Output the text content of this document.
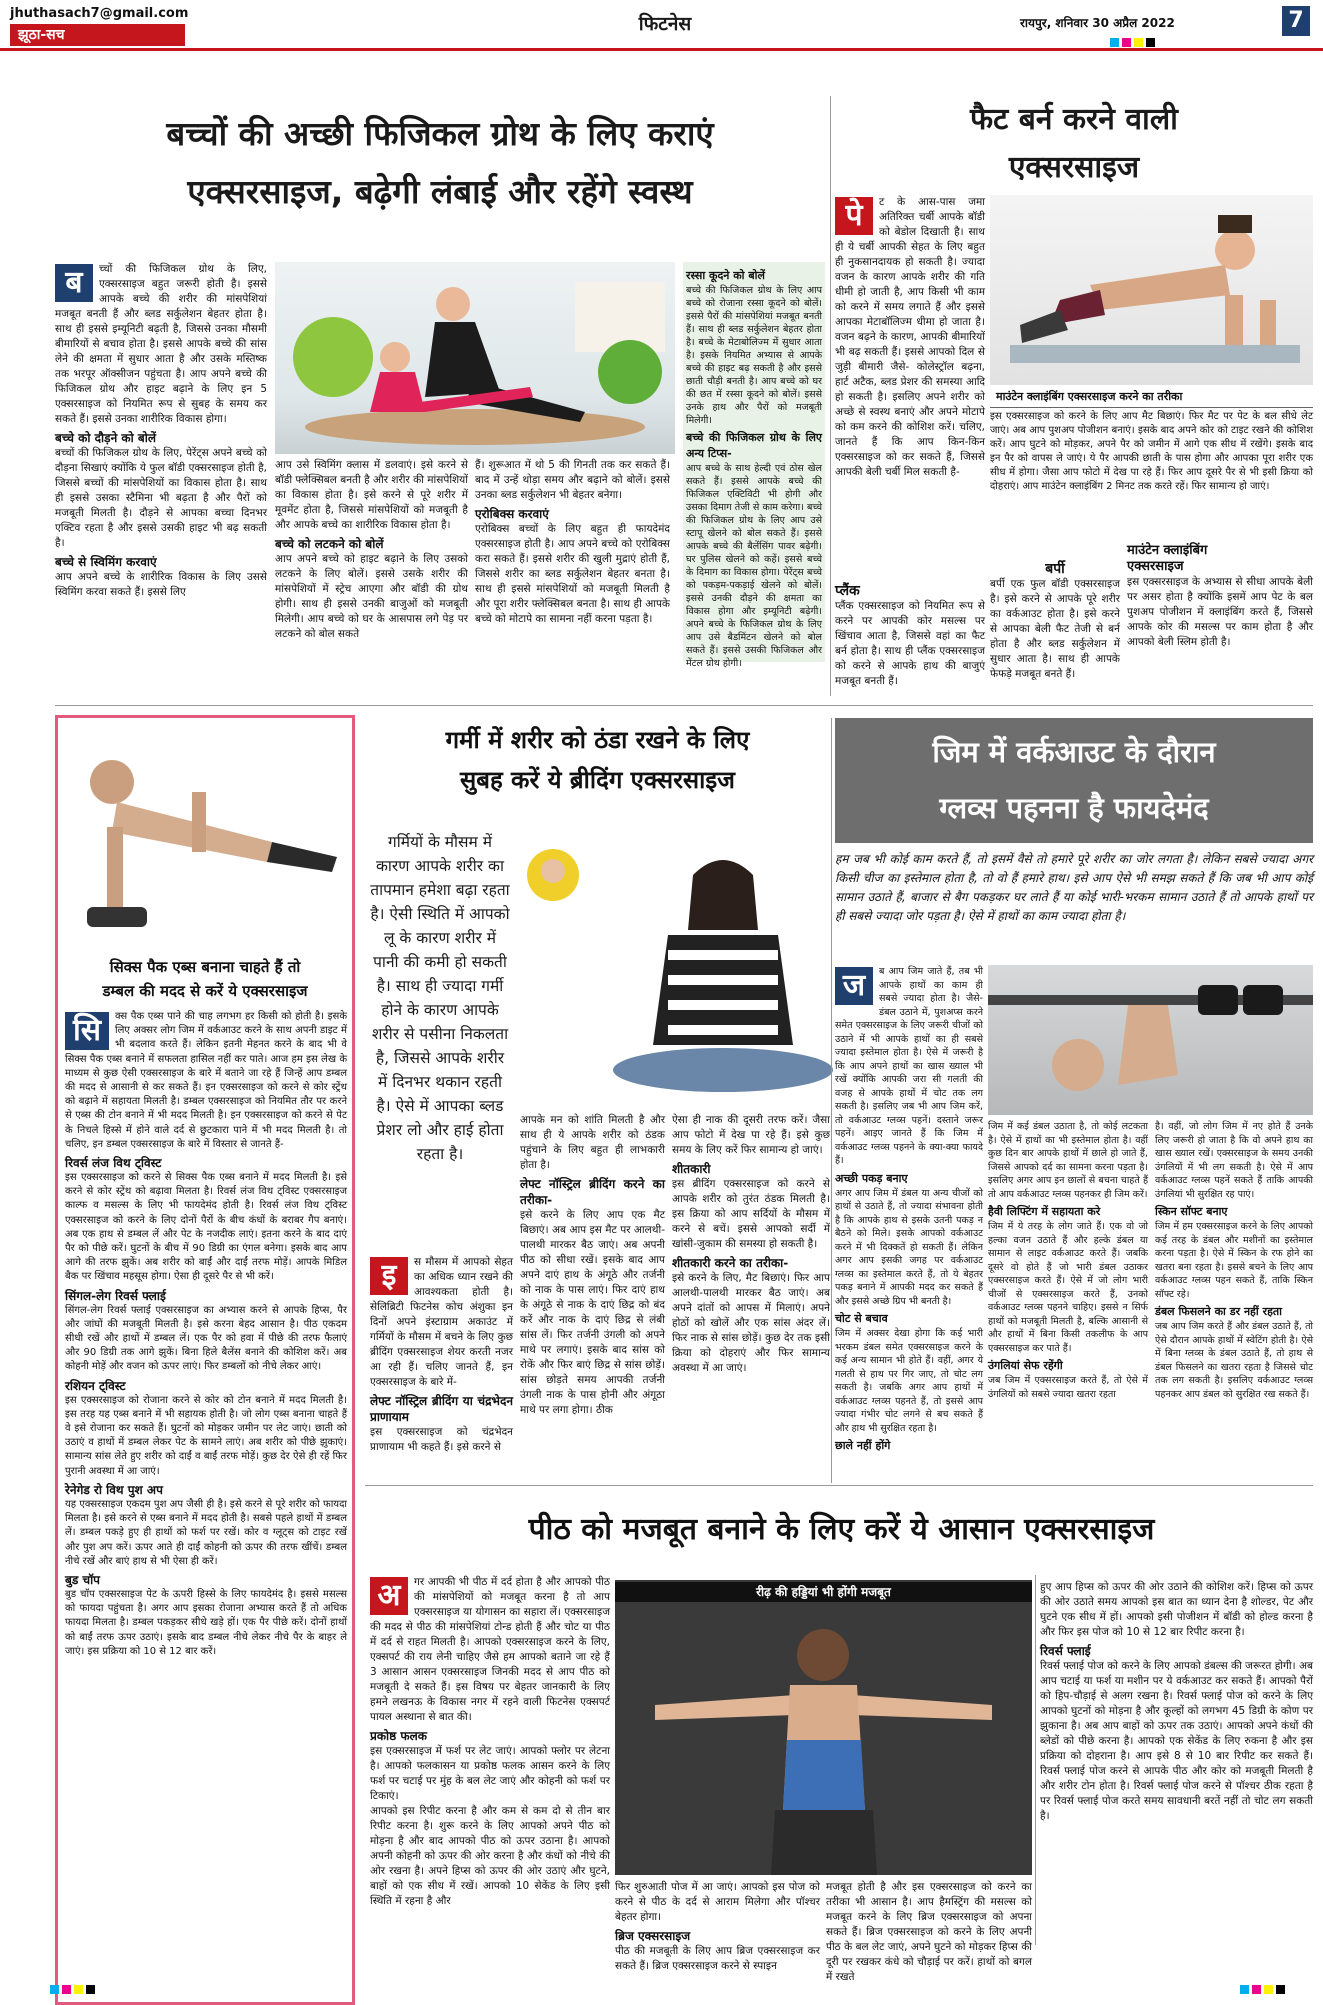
jhuthasach7@gmail.com
झूठा-सच	फिटनेस	रायपुर, शनिवार 30 अप्रैल 2022	7
बच्चों की अच्छी फिजिकल ग्रोथ के लिए कराएं
एक्सरसाइज, बढ़ेगी लंबाई और रहेंगे स्वस्थ
ब	च्चों की फिजिकल ग्रोथ के लिए, एक्सरसाइज बहुत जरूरी होती है। इससे आपके बच्चे की शरीर की मांसपेशियां मजबूत बनती हैं और ब्लड सर्कुलेशन बेहतर होता है। साथ ही इससे इम्यूनिटी बढ़ती है, जिससे उनका मौसमी बीमारियों से बचाव होता है। इससे आपके बच्चे की सांस लेने की क्षमता में सुधार आता है और उसके मस्तिष्क तक भरपूर ऑक्सीजन पहुंचता है। आप अपने बच्चे की फिजिकल ग्रोथ और हाइट बढ़ाने के लिए इन 5 एक्सरसाइज को नियमित रूप से सुबह के समय कर सकते हैं। इससे उनका शारीरिक विकास होगा।
बच्चे को दौड़ने को बोलें
बच्चों की फिजिकल ग्रोथ के लिए, पेरेंट्स अपने बच्चे को दौड़ना सिखाएं क्योंकि ये फुल बॉडी एक्सरसाइज होती है, जिससे बच्चों की मांसपेशियों का विकास होता है। साथ ही इससे उसका स्टैमिना भी बढ़ता है और पैरों को मजबूती मिलती है। दौड़ने से आपका बच्चा दिनभर एक्टिव रहता है और इससे उसकी हाइट भी बढ़ सकती है।
बच्चे से स्विमिंग करवाएं
आप अपने बच्चे के शारीरिक विकास के लिए उससे स्विमिंग करवा सकते हैं। इससे लिए
आप उसे स्विमिंग क्लास में डलवाएं। इसे करने से बॉडी फ्लेक्सिबल बनती है और शरीर की मांसपेशियों का विकास होता है। इसे करने से पूरे शरीर में मूवमेंट होता है, जिससे मांसपेशियों को मजबूती है और आपके बच्चे का शारीरिक विकास होता है।
बच्चे को लटकने को बोलें
आप अपने बच्चे को हाइट बढ़ाने के लिए उसको लटकने के लिए बोलें। इससे उसके शरीर की मांसपेशियों में स्ट्रेच आएगा और बॉडी की ग्रोथ होगी। साथ ही इससे उनकी बाजुओं को मजबूती मिलेगी। आप बच्चे को घर के आसपास लगे पेड़ पर लटकने को बोल सकते
हैं। शुरूआत में थो 5 की गिनती तक कर सकते हैं। बाद में उन्हें थोड़ा समय और बढ़ाने को बोलें। इससे उनका ब्लड सर्कुलेशन भी बेहतर बनेगा।
एरोबिक्स करवाएं
एरोबिक्स बच्चों के लिए बहुत ही फायदेमंद एक्सरसाइज होती है। आप अपने बच्चे को एरोबिक्स करा सकते हैं। इससे शरीर की खुली मुद्राएं होती हैं, जिससे शरीर का ब्लड सर्कुलेशन बेहतर बनता है। साथ ही इससे मांसपेशियों को मजबूती मिलती है और पूरा शरीर फ्लेक्सिबल बनता है। साथ ही आपके बच्चे को मोटापे का सामना नहीं करना पड़ता है।
रस्सा कूदने को बोलें
बच्चे की फिजिकल ग्रोथ के लिए आप बच्चे को रोजाना रस्सा कूदने को बोलें। इससे पैरों की मांसपेशियां मजबूत बनती हैं। साथ ही ब्लड सर्कुलेशन बेहतर होता है। बच्चे के मेटाबोलिज्म में सुधार आता है। इसके नियमित अभ्यास से आपके बच्चे की हाइट बढ़ सकती है और इससे छाती चौड़ी बनती है। आप बच्चे को घर की छत में रस्सा कूदने को बोलें। इससे उनके हाथ और पैरों को मजबूती मिलेगी।
बच्चे की फिजिकल ग्रोथ के लिए अन्य टिप्स-
आप बच्चे के साथ हेल्दी एवं ठोस खेल सकते हैं। इससे आपके बच्चे की फिजिकल एक्टिविटी भी होगी और उसका दिमाग तेजी से काम करेगा। बच्चे की फिजिकल ग्रोथ के लिए आप उसे स्टापू खेलने को बोल सकते हैं। इससे आपके बच्चे की बैलेंसिंग पावर बढ़ेगी। घर पुलिस खेलने को कहें। इससे बच्चे के दिमाग का विकास होगा। पेरेंट्स बच्चे को पकड़म-पकड़ाई खेलने को बोलें। इससे उनकी दौड़ने की क्षमता का विकास होगा और इम्यूनिटी बढ़ेगी। अपने बच्चे के फिजिकल ग्रोथ के लिए आप उसे बैडमिंटन खेलने को बोल सकते हैं। इससे उसकी फिजिकल और मेंटल ग्रोथ होगी।
फैट बर्न करने वाली
एक्सरसाइज
पे	ट के आस-पास जमा अतिरिक्त चर्बी आपके बॉडी को बेडोल दिखाती है। साथ ही ये चर्बी आपकी सेहत के लिए बहुत ही नुकसानदायक हो सकती है। ज्यादा वजन के कारण आपके शरीर की गति धीमी हो जाती है, आप किसी भी काम को करने में समय लगाते हैं और इससे आपका मेटाबॉलिज्म धीमा हो जाता है। वजन बढ़ने के कारण, आपकी बीमारियों भी बढ़ सकती हैं। इससे आपको दिल से जुड़ी बीमारी जैसे- कोलेस्ट्रॉल बढ़ना, हार्ट अटैक, ब्लड प्रेशर की समस्या आदि हो सकती है। इसलिए अपने शरीर को अच्छे से स्वस्थ बनाएं और अपने मोटापे को कम करने की कोशिश करें। चलिए, जानते हैं कि आप किन-किन एक्सरसाइज को कर सकते हैं, जिससे आपकी बेली चर्बी मिल सकती है-
माउंटेन क्लाइंबिंग एक्सरसाइज करने का तरीका
इस एक्सरसाइज को करने के लिए आप मैट बिछाएं। फिर मैट पर पेट के बल सीधे लेट जाएं। अब आप पुशअप पोजीशन बनाएं। इसके बाद अपने कोर को टाइट रखने की कोशिश करें। आप घुटने को मोड़कर, अपने पैर को जमीन में आगे एक सीध में रखेंगे। इसके बाद इन पैर को वापस ले जाएं। ये पैर आपकी छाती के पास होगा और आपका पूरा शरीर एक सीध में होगा। जैसा आप फोटो में देख पा रहे हैं। फिर आप दूसरे पैर से भी इसी क्रिया को दोहराएं। आप माउंटेन क्लाइंबिंग 2 मिनट तक करते रहें। फिर सामान्य हो जाएं।
प्लैंक
प्लैंक एक्सरसाइज को नियमित रूप से करने पर आपकी कोर मसल्स पर खिंचाव आता है, जिससे वहां का फैट बर्न होता है। साथ ही प्लैंक एक्सरसाइज को करने से आपके हाथ की बाजुएं मजबूत बनती हैं।
बर्पी
बर्पी एक फुल बॉडी एक्सरसाइज है। इसे करने से आपके पूरे शरीर का वर्कआउट होता है। इसे करने से आपका बेली फैट तेजी से बर्न होता है और ब्लड सर्कुलेशन में सुधार आता है। साथ ही आपके फेफड़े मजबूत बनते हैं।
माउंटेन क्लाइंबिंग
एक्सरसाइज
इस एक्सरसाइज के अभ्यास से सीधा आपके बेली पर असर होता है क्योंकि इसमें आप पेट के बल पुशअप पोजीशन में क्लाइंबिंग करते हैं, जिससे आपके कोर की मसल्स पर काम होता है और आपको बेली स्लिम होती है।
सिक्स पैक एब्स बनाना चाहते हैं तो
डम्बल की मदद से करें ये एक्सरसाइज
सि	क्स पैक एब्स पाने की चाह लगभग हर किसी को होती है। इसके लिए अक्सर लोग जिम में वर्कआउट करने के साथ अपनी डाइट में भी बदलाव करते हैं। लेकिन इतनी मेहनत करने के बाद भी वे सिक्स पैक एब्स बनाने में सफलता हासिल नहीं कर पाते। आज हम इस लेख के माध्यम से कुछ ऐसी एक्सरसाइज के बारे में बताने जा रहे हैं जिन्हें आप डम्बल की मदद से आसानी से कर सकते हैं। इन एक्सरसाइज को करने से कोर स्ट्रेंथ को बढ़ाने में सहायता मिलती है। डम्बल एक्सरसाइज को नियमित तौर पर करने से एब्स की टोन बनाने में भी मदद मिलती है। इन एक्सरसाइज को करने से पेट के निचले हिस्से में होने वाले दर्द से छुटकारा पाने में भी मदद मिलती है। तो चलिए, इन डम्बल एक्सरसाइज के बारे में विस्तार से जानते हैं-
रिवर्स लंज विथ ट्विस्ट
इस एक्सरसाइज को करने से सिक्स पैक एब्स बनाने में मदद मिलती है। इसे करने से कोर स्ट्रेंथ को बढ़ावा मिलता है। रिवर्स लंज विथ ट्विस्ट एक्सरसाइज काल्फ व मसल्स के लिए भी फायदेमंद होती है। रिवर्स लंज विथ ट्विस्ट एक्सरसाइज को करने के लिए दोनों पैरों के बीच कंधों के बराबर गैप बनाएं। अब एक हाथ से डम्बल लें और पेट के नजदीक लाएं। इतना करने के बाद दाएं पैर को पीछे करें। घुटनों के बीच में 90 डिग्री का एंगल बनेगा। इसके बाद आप आगे की तरफ झुकें। अब शरीर को बाईं और दाईं तरफ मोड़ें। आपके मिडिल बैक पर खिंचाव महसूस होगा। ऐसा ही दूसरे पैर से भी करें।
सिंगल-लेग रिवर्स फ्लाई
सिंगल-लेग रिवर्स फ्लाई एक्सरसाइज का अभ्यास करने से आपके हिप्स, पैर और जांघों की मजबूती मिलती है। इसे करना बेहद आसान है। पीठ एकदम सीधी रखें और हाथों में डम्बल लें। एक पैर को हवा में पीछे की तरफ फैलाएं और 90 डिग्री तक आगे झुकें। बिना हिले बैलेंस बनाने की कोशिश करें। अब कोहनी मोड़ें और वजन को ऊपर लाएं। फिर डम्बलों को नीचे लेकर आएं।
रशियन ट्विस्ट
इस एक्सरसाइज को रोजाना करने से कोर को टोन बनाने में मदद मिलती है। इस तरह यह एब्स बनाने में भी सहायक होती है। जो लोग एब्स बनाना चाहते हैं वे इसे रोजाना कर सकते हैं। घुटनों को मोड़कर जमीन पर लेट जाएं। छाती को उठाएं व हाथों में डम्बल लेकर पेट के सामने लाएं। अब शरीर को पीछे झुकाएं। सामान्य सांस लेते हुए शरीर को दाईं व बाईं तरफ मोड़ें। कुछ देर ऐसे ही रहें फिर पुरानी अवस्था में आ जाएं।
रेनेगेड रो विथ पुश अप
यह एक्सरसाइज एकदम पुश अप जैसी ही है। इसे करने से पूरे शरीर को फायदा मिलता है। इसे करने से एब्स बनाने में मदद होती है। सबसे पहले हाथों में डम्बल लें। डम्बल पकड़े हुए ही हाथों को फर्श पर रखें। कोर व ग्लूट्स को टाइट रखें और पुश अप करें। ऊपर आते ही दाईं कोहनी को ऊपर की तरफ खींचें। डम्बल नीचे रखें और बाएं हाथ से भी ऐसा ही करें।
बुड चॉप
बुड चॉप एक्सरसाइज पेट के ऊपरी हिस्से के लिए फायदेमंद है। इससे मसल्स को फायदा पहुंचता है। अगर आप इसका रोजाना अभ्यास करते हैं तो अधिक फायदा मिलता है। डम्बल पकड़कर सीधे खड़े हों। एक पैर पीछे करें। दोनों हाथों को बाईं तरफ ऊपर उठाएं। इसके बाद डम्बल नीचे लेकर नीचे पैर के बाहर ले जाएं। इस प्रक्रिया को 10 से 12 बार करें।
गर्मी में शरीर को ठंडा रखने के लिए
सुबह करें ये ब्रीदिंग एक्सरसाइज
गर्मियों के मौसम में कारण आपके शरीर का तापमान हमेशा बढ़ा रहता है। ऐसी स्थिति में आपको लू के कारण शरीर में पानी की कमी हो सकती है। साथ ही ज्यादा गर्मी होने के कारण आपके शरीर से पसीना निकलता है, जिससे आपके शरीर में दिनभर थकान रहती है। ऐसे में आपका ब्लड प्रेशर लो और हाई होता रहता है।
इ	स मौसम में आपको सेहत का अधिक ध्यान रखने की आवश्यकता होती है। सेलिब्रिटी फिटनेस कोच अंशुका इन दिनों अपने इंस्टाग्राम अकाउंट में गर्मियों के मौसम में बचने के लिए कुछ ब्रीदिंग एक्सरसाइज शेयर करती नजर आ रही हैं। चलिए जानते हैं, इन एक्सरसाइज के बारे में-
लेफ्ट नॉस्ट्रिल ब्रीदिंग या चंद्रभेदन प्राणायाम
इस एक्सरसाइज को चंद्रभेदन प्राणायाम भी कहते हैं। इसे करने से
आपके मन को शांति मिलती है और साथ ही ये आपके शरीर को ठंडक पहुंचाने के लिए बहुत ही लाभकारी होता है।
लेफ्ट नॉस्ट्रिल ब्रीदिंग करने का तरीका-
इसे करने के लिए आप एक मैट बिछाएं। अब आप इस मैट पर आलथी-पालथी मारकर बैठ जाएं। अब अपनी पीठ को सीधा रखें। इसके बाद आप अपने दाएं हाथ के अंगूठे और तर्जनी को नाक के पास लाएं। फिर दाएं हाथ के अंगूठे से नाक के दाएं छिद्र को बंद करें और नाक के दाएं छिद्र से लंबी सांस लें। फिर तर्जनी उंगली को अपने माथे पर लगाएं। इसके बाद सांस को रोकें और फिर बाएं छिद्र से सांस छोड़ें। सांस छोड़ते समय आपकी तर्जनी उंगली नाक के पास होनी और अंगूठा माथे पर लगा होगा। ठीक
ऐसा ही नाक की दूसरी तरफ करें। जैसा आप फोटो में देख पा रहे हैं। इसे कुछ समय के लिए करें फिर सामान्य हो जाएं।
शीतकारी
इस ब्रीदिंग एक्सरसाइज को करने से आपके शरीर को तुरंत ठंडक मिलती है। इस क्रिया को आप सर्दियों के मौसम में करने से बचें। इससे आपको सर्दी में खांसी-जुकाम की समस्या हो सकती है।
शीतकारी करने का तरीका-
इसे करने के लिए, मैट बिछाएं। फिर आप आलथी-पालथी मारकर बैठ जाएं। अब अपने दांतों को आपस में मिलाएं। अपने होठों को खोलें और एक सांस अंदर लें। फिर नाक से सांस छोड़ें। कुछ देर तक इसी क्रिया को दोहराएं और फिर सामान्य अवस्था में आ जाएं।
जिम में वर्कआउट के दौरान
ग्लव्स पहनना है फायदेमंद
हम जब भी कोई काम करते हैं, तो इसमें वैसे तो हमारे पूरे शरीर का जोर लगता है। लेकिन सबसे ज्यादा अगर किसी चीज का इस्तेमाल होता है, तो वो हैं हमारे हाथ। इसे आप ऐसे भी समझ सकते हैं कि जब भी आप कोई सामान उठाते हैं, बाजार से बैग पकड़कर घर लाते हैं या कोई भारी-भरकम सामान उठाते हैं तो आपके हाथों पर ही सबसे ज्यादा जोर पड़ता है। ऐसे में हाथों का काम ज्यादा होता है।
ज	ब आप जिम जाते हैं, तब भी आपके हाथों का काम ही सबसे ज्यादा होता है। जैसे- डंबल उठाने में, पुशअप्स करने समेत एक्सरसाइज के लिए जरूरी चीजों को उठाने में भी आपके हाथों का ही सबसे ज्यादा इस्तेमाल होता है। ऐसे में जरूरी है कि आप अपने हाथों का खास ख्याल भी रखें क्योंकि आपकी जरा सी गलती की वजह से आपके हाथों में चोट तक लग सकती है। इसलिए जब भी आप जिम करें, तो वर्कआउट ग्लव्स पहनें। दस्ताने जरूर पहनें। आइए जानते हैं कि जिम में वर्कआउट ग्लव्स पहनने के क्या-क्या फायदे हैं।
अच्छी पकड़ बनाए
अगर आप जिम में डंबल या अन्य चीजों को हाथों से उठाते हैं, तो ज्यादा संभावना होती है कि आपके हाथ से इसके उतनी पकड़ न बैठने को मिले। इसके आपको वर्कआउट करने में भी दिक्कतें हो सकती हैं। लेकिन अगर आप इसकी जगह पर वर्कआउट ग्लव्स का इस्तेमाल करते हैं, तो ये बेहतर पकड़ बनाने में आपकी मदद कर सकते हैं और इससे अच्छे ग्रिप भी बनती है।
चोट से बचाव
जिम में अक्सर देखा होगा कि कई भारी भरकम डंबल समेत एक्सरसाइज करने के कई अन्य सामान भी होते हैं। वहीं, अगर ये गलती से हाथ पर गिर जाए, तो चोट लग सकती है। जबकि अगर आप हाथों में वर्कआउट ग्लव्स पहनते हैं, तो इससे आप ज्यादा गंभीर चोट लगने से बच सकते हैं और हाथ भी सुरक्षित रहता है।
छाले नहीं होंगे
जिम में कई डंबल उठाता है, तो कोई लटकता है। ऐसे में हाथों का भी इस्तेमाल होता है। वहीं कुछ दिन बार आपके हाथों में छाले हो जाते हैं, जिससे आपको दर्द का सामना करना पड़ता है। इसलिए अगर आप इन छालों से बचना चाहते हैं तो आप वर्कआउट ग्लव्स पहनकर ही जिम करें।
हैवी लिफ्टिंग में सहायता करे
जिम में ये तरह के लोग जाते हैं। एक वो जो हल्का वजन उठाते हैं और हल्के डंबल या सामान से लाइट वर्कआउट करते हैं। जबकि दूसरे वो होते हैं जो भारी डंबल उठाकर एक्सरसाइज करते हैं। ऐसे में जो लोग भारी चीजों से एक्सरसाइज करते हैं, उनको वर्कआउट ग्लव्स पहनने चाहिए। इससे न सिर्फ हाथों को मजबूती मिलती है, बल्कि आसानी से और हाथों में बिना किसी तकलीफ के आप एक्सरसाइज कर पाते हैं।
उंगलियां सेफ रहेंगी
जब जिम में एक्सरसाइज करते हैं, तो ऐसे में उंगलियों को सबसे ज्यादा खतरा रहता
है। वहीं, जो लोग जिम में नए होते हैं उनके लिए जरूरी हो जाता है कि वो अपने हाथ का खास ख्याल रखें। एक्सरसाइज के समय उनकी उंगलियों में भी लग सकती है। ऐसे में आप वर्कआउट ग्लव्स पहनें सकते हैं ताकि आपकी उंगलियां भी सुरक्षित रह पाएं।
स्किन सॉफ्ट बनाए
जिम में हम एक्सरसाइज करने के लिए आपको कई तरह के डंबल और मशीनों का इस्तेमाल करना पड़ता है। ऐसे में स्किन के रफ होने का खतरा बना रहता है। इससे बचने के लिए आप वर्कआउट ग्लव्स पहन सकते हैं, ताकि स्किन सॉफ्ट रहे।
डंबल फिसलने का डर नहीं रहता
जब आप जिम करते हैं और डंबल उठाते हैं, तो ऐसे दौरान आपके हाथों में स्वेटिंग होती है। ऐसे में बिना ग्लव्स के डंबल उठाते हैं, तो हाथ से डंबल फिसलने का खतरा रहता है जिससे चोट तक लग सकती है। इसलिए वर्कआउट ग्लव्स पहनकर आप डंबल को सुरक्षित रख सकते हैं।
पीठ को मजबूत बनाने के लिए करें ये आसान एक्सरसाइज
अ	गर आपकी भी पीठ में दर्द होता है और आपको पीठ की मांसपेशियों को मजबूत करना है तो आप एक्सरसाइज या योगासन का सहारा लें। एक्सरसाइज की मदद से पीठ की मांसपेशियां टोन्ड होती हैं और चोट या पीठ में दर्द से राहत मिलती है। आपको एक्सरसाइज करने के लिए, एक्सपर्ट की राय लेनी चाहिए जैसे हम आपको बताने जा रहे हैं 3 आसान आसन एक्सरसाइज जिनकी मदद से आप पीठ को मजबूती दे सकते हैं। इस विषय पर बेहतर जानकारी के लिए हमने लखनऊ के विकास नगर में रहने वाली फिटनेस एक्सपर्ट पायल अस्थाना से बात की।
प्रकोष्ठ फलक
इस एक्सरसाइज में फर्श पर लेट जाएं। आपको फ्लोर पर लेटना है। आपको फलकासन या प्रकोष्ठ फलक आसन करने के लिए फर्श पर चटाई पर मुंह के बल लेट जाएं और कोहनी को फर्श पर टिकाएं।
आपको इस रिपीट करना है और कम से कम दो से तीन बार रिपीट करना है। शुरू करने के लिए आपको अपने पीठ को मोड़ना है और बाद आपको पीठ को ऊपर उठाना है। आपको अपनी कोहनी को ऊपर की ओर करना है और कंधों को नीचे की ओर रखना है। अपने हिप्स को ऊपर की ओर उठाएं और घुटने, बाहों को एक सीध में रखें। आपको 10 सेकेंड के लिए इसी स्थिति में रहना है और
रीढ़ की हड्डियां भी होंगी मजबूत
फिर शुरुआती पोज में आ जाएं। आपको इस पोज को करने से पीठ के दर्द से आराम मिलेगा और पॉश्चर बेहतर होगा।
ब्रिज एक्सरसाइज
पीठ की मजबूती के लिए आप ब्रिज एक्सरसाइज कर सकते हैं। ब्रिज एक्सरसाइज करने से स्पाइन
मजबूत होती है और इस एक्सरसाइज को करने का तरीका भी आसान है। आप हैमस्ट्रिंग की मसल्स को मजबूत करने के लिए ब्रिज एक्सरसाइज को अपना सकते हैं। ब्रिज एक्सरसाइज को करने के लिए अपनी पीठ के बल लेट जाएं, अपने घुटने को मोड़कर हिप्स की दूरी पर रखकर कंधे को चौड़ाई पर करें। हाथों को बगल में रखते
हुए आप हिप्स को ऊपर की ओर उठाने की कोशिश करें। हिप्स को ऊपर की ओर उठाते समय आपको इस बात का ध्यान देना है शोल्डर, पेट और घुटने एक सीध में हों। आपको इसी पोजीशन में बॉडी को होल्ड करना है और फिर इस पोज को 10 से 12 बार रिपीट करना है।
रिवर्स फ्लाई
रिवर्स फ्लाई पोज को करने के लिए आपको डंबल्स की जरूरत होगी। अब आप चटाई या फर्श या मशीन पर ये वर्कआउट कर सकते हैं। आपको पैरों को हिप-चौड़ाई से अलग रखना है। रिवर्स फ्लाई पोज को करने के लिए आपको घुटनों को मोड़ना है और कूल्हों को लगभग 45 डिग्री के कोण पर झुकाना है। अब आप बाहों को ऊपर तक उठाएं। आपको अपने कंधों की ब्लेडों को पीछे करना है। आपको एक सेकेंड के लिए रुकना है और इस प्रक्रिया को दोहराना है। आप इसे 8 से 10 बार रिपीट कर सकते हैं। रिवर्स फ्लाई पोज करने से आपके पीठ और कोर को मजबूती मिलती है और शरीर टोन होता है। रिवर्स फ्लाई पोज करने से पॉश्चर ठीक रहता है पर रिवर्स फ्लाई पोज करते समय सावधानी बरतें नहीं तो चोट लग सकती है।
